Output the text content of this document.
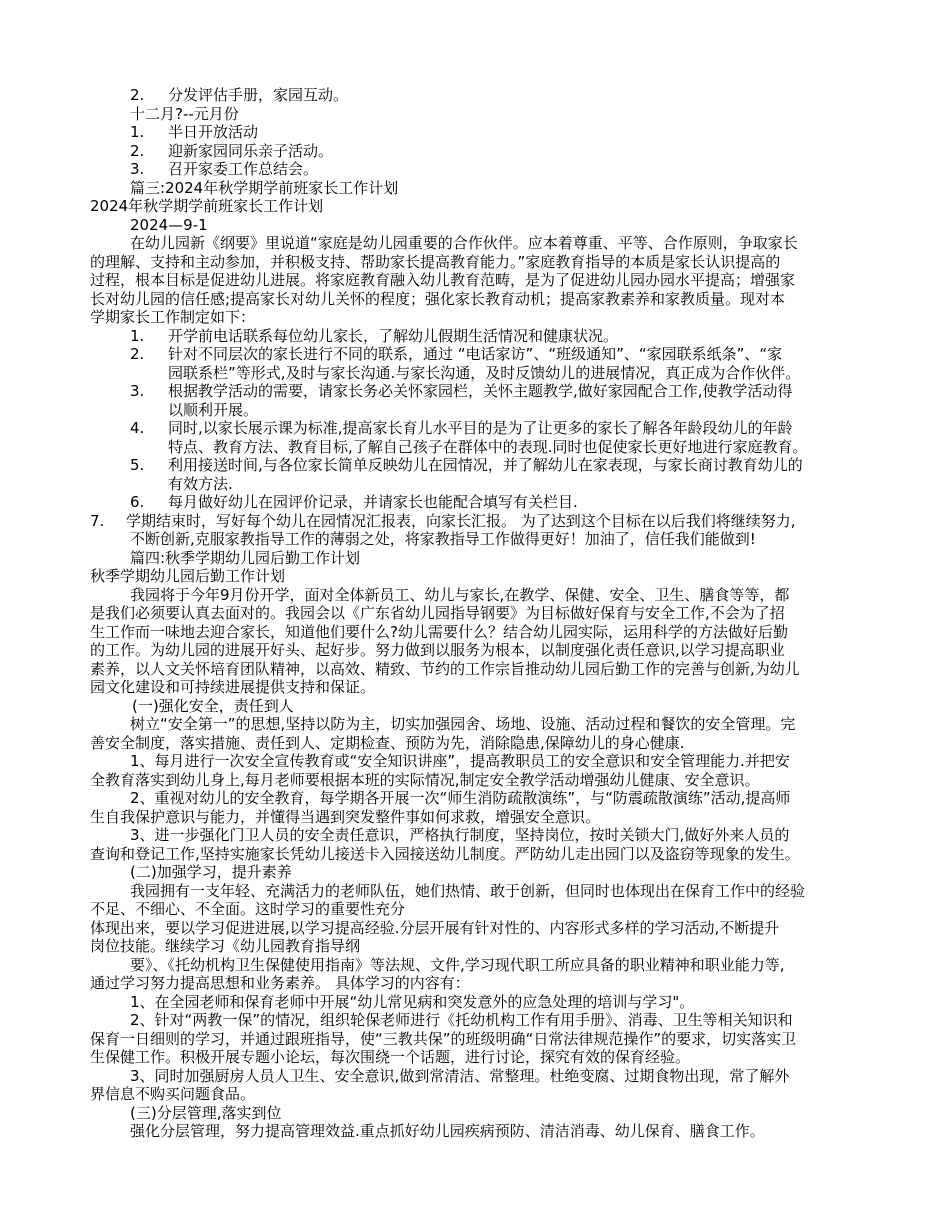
2. 分发评估手册，家园互动。

十二月?--元月份

1. 半日开放活动

2. 迎新家园同乐亲子活动。

3. 召开家委工作总结会。

篇三:2024年秋学期学前班家长工作计划

2024年秋学期学前班家长工作计划

2024—9-1

在幼儿园新《纲要》里说道“家庭是幼儿园重要的合作伙伴。应本着尊重、平等、合作原则，争取家长

的理解、支持和主动参加，并积极支持、帮助家长提高教育能力。”家庭教育指导的本质是家长认识提高的

过程，根本目标是促进幼儿进展。将家庭教育融入幼儿教育范畴，是为了促进幼儿园办园水平提高；增强家

长对幼儿园的信任感;提高家长对幼儿关怀的程度；强化家长教育动机；提高家教素养和家教质量。现对本

学期家长工作制定如下：

1. 开学前电话联系每位幼儿家长，了解幼儿假期生活情况和健康状况。

2. 针对不同层次的家长进行不同的联系，通过 “电话家访”、“班级通知”、“家园联系纸条”、“家

园联系栏”等形式,及时与家长沟通.与家长沟通，及时反馈幼儿的进展情况，真正成为合作伙伴。

3. 根据教学活动的需要，请家长务必关怀家园栏，关怀主题教学,做好家园配合工作,使教学活动得

以顺利开展。

4. 同时,以家长展示课为标准,提高家长育儿水平目的是为了让更多的家长了解各年龄段幼儿的年龄

特点、教育方法、教育目标,了解自己孩子在群体中的表现.同时也促使家长更好地进行家庭教育。

5. 利用接送时间,与各位家长简单反映幼儿在园情况，并了解幼儿在家表现，与家长商讨教育幼儿的

有效方法.

6. 每月做好幼儿在园评价记录，并请家长也能配合填写有关栏目.

7. 学期结束时，写好每个幼儿在园情况汇报表，向家长汇报。 为了达到这个目标在以后我们将继续努力,

不断创新,克服家教指导工作的薄弱之处，将家教指导工作做得更好！加油了，信任我们能做到!

篇四:秋季学期幼儿园后勤工作计划

秋季学期幼儿园后勤工作计划

我园将于今年9月份开学，面对全体新员工、幼儿与家长,在教学、保健、安全、卫生、膳食等等，都

是我们必须要认真去面对的。我园会以《广东省幼儿园指导钢要》为目标做好保育与安全工作,不会为了招

生工作而一味地去迎合家长，知道他们要什么?幼儿需要什么？结合幼儿园实际，运用科学的方法做好后勤

的工作。为幼儿园的进展开好头、起好步。努力做到以服务为根本，以制度强化责任意识,以学习提高职业

素养，以人文关怀培育团队精神，以高效、精致、节约的工作宗旨推动幼儿园后勤工作的完善与创新,为幼儿

园文化建设和可持续进展提供支持和保证。

(一)强化安全，责任到人

树立“安全第一”的思想,坚持以防为主，切实加强园舍、场地、设施、活动过程和餐饮的安全管理。完

善安全制度，落实措施、责任到人、定期检查、预防为先，消除隐患,保障幼儿的身心健康.

1、每月进行一次安全宣传教育或“安全知识讲座”，提高教职员工的安全意识和安全管理能力.并把安

全教育落实到幼儿身上,每月老师要根据本班的实际情况,制定安全教学活动增强幼儿健康、安全意识。

2、重视对幼儿的安全教育，每学期各开展一次“师生消防疏散演练”，与“防震疏散演练”活动,提高师

生自我保护意识与能力，并懂得当遇到突发整件事如何求救，增强安全意识。

3、进一步强化门卫人员的安全责任意识，严格执行制度，坚持岗位，按时关锁大门,做好外来人员的

查询和登记工作,坚持实施家长凭幼儿接送卡入园接送幼儿制度。严防幼儿走出园门以及盗窃等现象的发生。

(二)加强学习，提升素养

我园拥有一支年轻、充满活力的老师队伍，她们热情、敢于创新，但同时也体现出在保育工作中的经验

不足、不细心、不全面。这时学习的重要性充分

体现出来，要以学习促进进展,以学习提高经验.分层开展有针对性的、内容形式多样的学习活动,不断提升

岗位技能。继续学习《幼儿园教育指导纲

要》、《托幼机构卫生保健使用指南》等法规、文件,学习现代职工所应具备的职业精神和职业能力等,

通过学习努力提高思想和业务素养。 具体学习的内容有：

1、在全园老师和保育老师中开展“幼儿常见病和突发意外的应急处理的培训与学习"。

2、针对“两教一保”的情况，组织轮保老师进行《托幼机构工作有用手册》、消毒、卫生等相关知识和

保育一日细则的学习，并通过跟班指导，使“三教共保”的班级明确“日常法律规范操作”的要求，切实落实卫

生保健工作。积极开展专题小论坛，每次围绕一个话题，进行讨论，探究有效的保育经验。

3、同时加强厨房人员人卫生、安全意识,做到常清洁、常整理。杜绝变腐、过期食物出现，常了解外

界信息不购买问题食品。

(三)分层管理,落实到位

强化分层管理，努力提高管理效益.重点抓好幼儿园疾病预防、清洁消毒、幼儿保育、膳食工作。
